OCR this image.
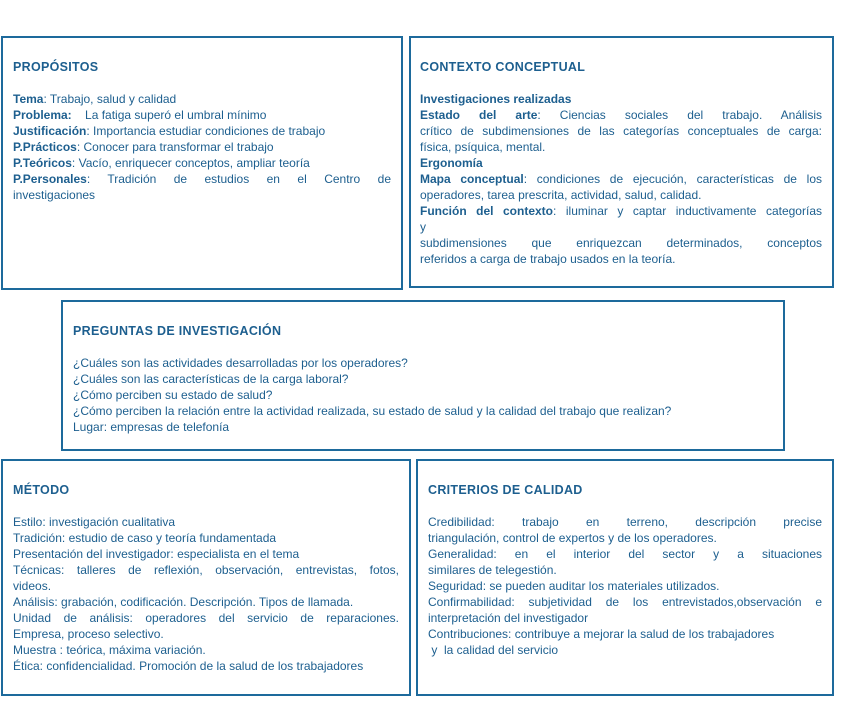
PROPÓSITOS

Tema: Trabajo, salud y calidad

Problema:    La fatiga superó el umbral mínimo

Justificación: Importancia estudiar condiciones de trabajo

P.Prácticos: Conocer para transformar el trabajo

P.Teóricos: Vacío, enriquecer conceptos, ampliar teoría

P.Personales: Tradición de estudios en el Centro de

investigaciones

CONTEXTO CONCEPTUAL

Investigaciones realizadas

Estado del arte: Ciencias sociales del trabajo. Análisis

crítico de subdimensiones de las categorías conceptuales de carga:

física, psíquica, mental.

Ergonomía

Mapa conceptual: condiciones de ejecución, características de los

operadores, tarea prescrita, actividad, salud, calidad.

Función del contexto: iluminar y captar inductivamente categorías

y

subdimensiones que enriquezcan determinados, conceptos

referidos a carga de trabajo usados en la teoría.

PREGUNTAS DE INVESTIGACIÓN

¿Cuáles son las actividades desarrolladas por los operadores?

¿Cuáles son las características de la carga laboral?

¿Cómo perciben su estado de salud?

¿Cómo perciben la relación entre la actividad realizada, su estado de salud y la calidad del trabajo que realizan?

Lugar: empresas de telefonía

MÉTODO

Estilo: investigación cualitativa

Tradición: estudio de caso y teoría fundamentada

Presentación del investigador: especialista en el tema

Técnicas: talleres de reflexión, observación, entrevistas, fotos,

videos.

Análisis: grabación, codificación. Descripción. Tipos de llamada.

Unidad de análisis: operadores del servicio de reparaciones.

Empresa, proceso selectivo.

Muestra : teórica, máxima variación.

Ética: confidencialidad. Promoción de la salud de los trabajadores

CRITERIOS DE CALIDAD

Credibilidad: trabajo en terreno, descripción precise

triangulación, control de expertos y de los operadores.

Generalidad: en el interior del sector y a situaciones

similares de telegestión.

Seguridad: se pueden auditar los materiales utilizados.

Confirmabilidad: subjetividad de los entrevistados,observación e

interpretación del investigador

Contribuciones: contribuye a mejorar la salud de los trabajadores

y  la calidad del servicio
